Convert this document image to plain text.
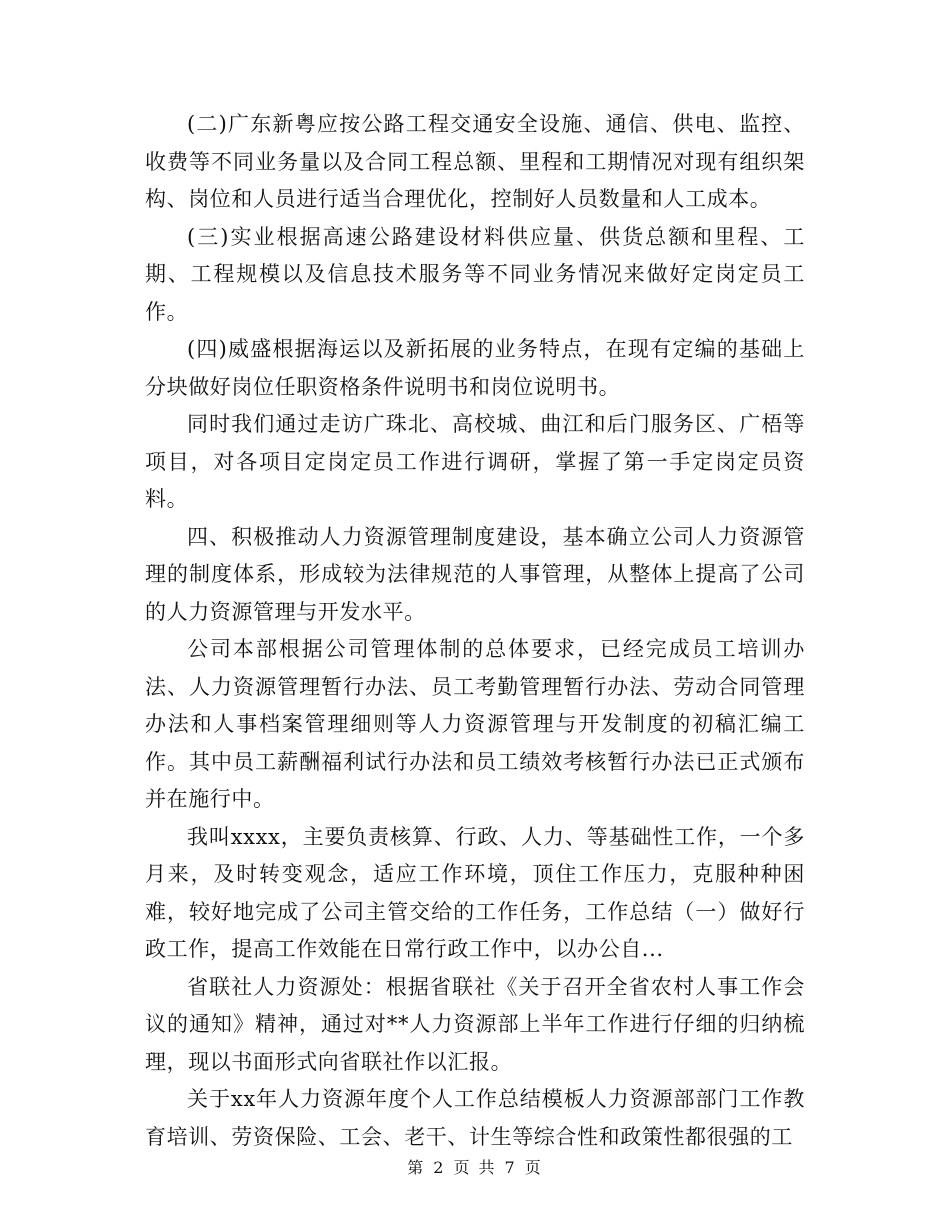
(二)广东新粤应按公路工程交通安全设施、通信、供电、监控、收费等不同业务量以及合同工程总额、里程和工期情况对现有组织架构、岗位和人员进行适当合理优化，控制好人员数量和人工成本。

(三)实业根据高速公路建设材料供应量、供货总额和里程、工期、工程规模以及信息技术服务等不同业务情况来做好定岗定员工作。

(四)威盛根据海运以及新拓展的业务特点，在现有定编的基础上分块做好岗位任职资格条件说明书和岗位说明书。

同时我们通过走访广珠北、高校城、曲江和后门服务区、广梧等项目，对各项目定岗定员工作进行调研，掌握了第一手定岗定员资料。

四、积极推动人力资源管理制度建设，基本确立公司人力资源管理的制度体系，形成较为法律规范的人事管理，从整体上提高了公司的人力资源管理与开发水平。

公司本部根据公司管理体制的总体要求，已经完成员工培训办法、人力资源管理暂行办法、员工考勤管理暂行办法、劳动合同管理办法和人事档案管理细则等人力资源管理与开发制度的初稿汇编工作。其中员工薪酬福利试行办法和员工绩效考核暂行办法已正式颁布并在施行中。

我叫xxxx，主要负责核算、行政、人力、等基础性工作，一个多月来，及时转变观念，适应工作环境，顶住工作压力，克服种种困难，较好地完成了公司主管交给的工作任务，工作总结（一）做好行政工作，提高工作效能在日常行政工作中，以办公自...

省联社人力资源处：根据省联社《关于召开全省农村人事工作会议的通知》精神，通过对**人力资源部上半年工作进行仔细的归纳梳理，现以书面形式向省联社作以汇报。

关于xx年人力资源年度个人工作总结模板人力资源部部门工作教育培训、劳资保险、工会、老干、计生等综合性和政策性都很强的工

第 2 页 共 7 页
